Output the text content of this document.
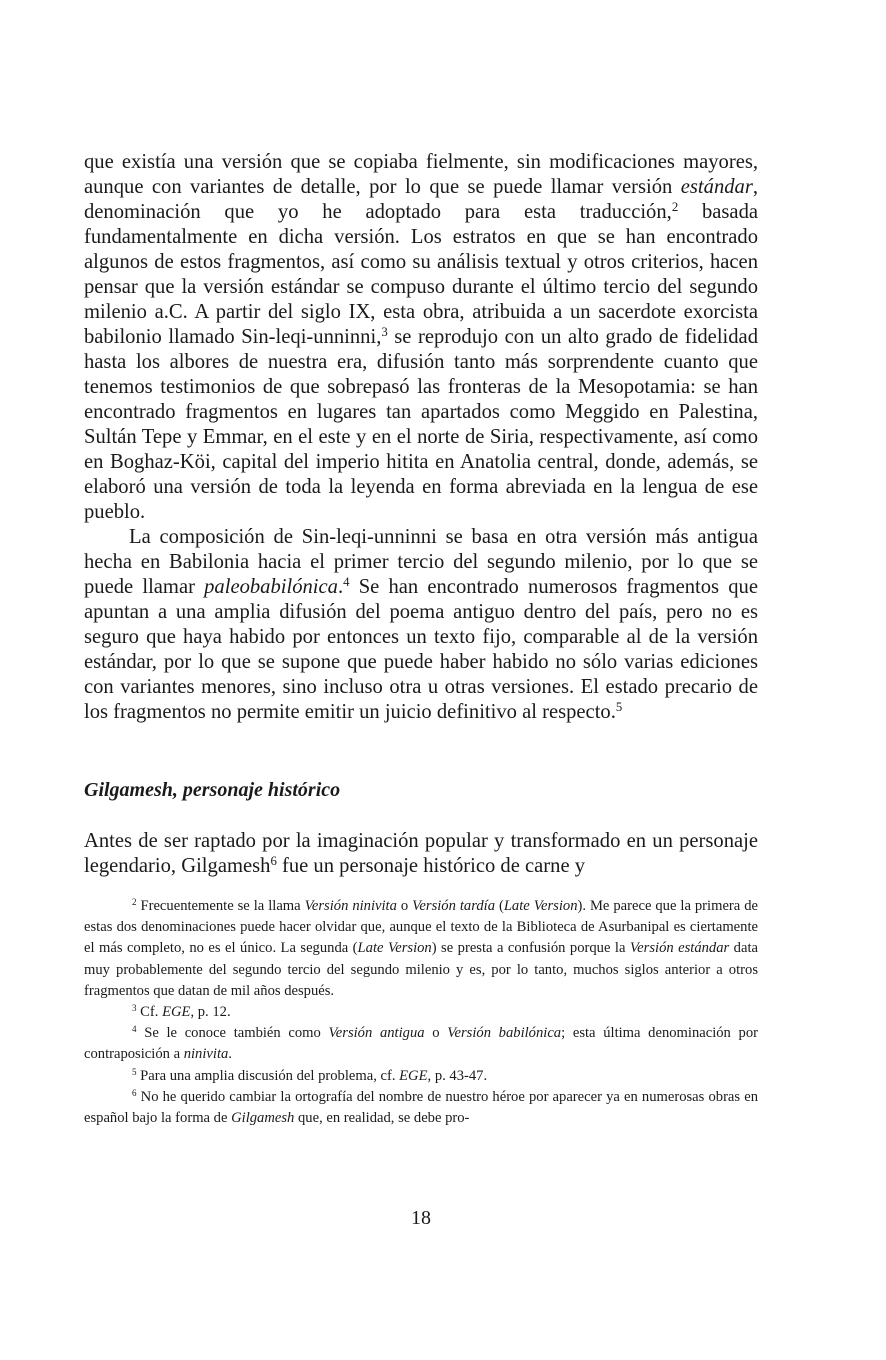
que existía una versión que se copiaba fielmente, sin modificaciones mayores, aunque con variantes de detalle, por lo que se puede llamar versión estándar, denominación que yo he adoptado para esta traducción,$^2$ basada fundamentalmente en dicha versión. Los estratos en que se han encontrado algunos de estos fragmentos, así como su análisis textual y otros criterios, hacen pensar que la versión estándar se compuso durante el último tercio del segundo milenio a.C. A partir del siglo IX, esta obra, atribuida a un sacerdote exorcista babilonio llamado Sin-leqi-unninni,$^3$ se reprodujo con un alto grado de fidelidad hasta los albores de nuestra era, difusión tanto más sorprendente cuanto que tenemos testimonios de que sobrepasó las fronteras de la Mesopotamia: se han encontrado fragmentos en lugares tan apartados como Meggido en Palestina, Sultán Tepe y Emmar, en el este y en el norte de Siria, respectivamente, así como en Boghaz-Köi, capital del imperio hitita en Anatolia central, donde, además, se elaboró una versión de toda la leyenda en forma abreviada en la lengua de ese pueblo.

La composición de Sin-leqi-unninni se basa en otra versión más antigua hecha en Babilonia hacia el primer tercio del segundo milenio, por lo que se puede llamar paleobabilónica.$^4$ Se han encontrado numerosos fragmentos que apuntan a una amplia difusión del poema antiguo dentro del país, pero no es seguro que haya habido por entonces un texto fijo, comparable al de la versión estándar, por lo que se supone que puede haber habido no sólo varias ediciones con variantes menores, sino incluso otra u otras versiones. El estado precario de los fragmentos no permite emitir un juicio definitivo al respecto.$^5$

Gilgamesh, personaje histórico

Antes de ser raptado por la imaginación popular y transformado en un personaje legendario, Gilgamesh$^6$ fue un personaje histórico de carne y

$^2$ Frecuentemente se la llama Versión ninivita o Versión tardía (Late Version). Me parece que la primera de estas dos denominaciones puede hacer olvidar que, aunque el texto de la Biblioteca de Asurbanipal es ciertamente el más completo, no es el único. La segunda (Late Version) se presta a confusión porque la Versión estándar data muy probablemente del segundo tercio del segundo milenio y es, por lo tanto, muchos siglos anterior a otros fragmentos que datan de mil años después.

$^3$ Cf. EGE, p. 12.

$^4$ Se le conoce también como Versión antigua o Versión babilónica; esta última denominación por contraposición a ninivita.

$^5$ Para una amplia discusión del problema, cf. EGE, p. 43-47.

$^6$ No he querido cambiar la ortografía del nombre de nuestro héroe por aparecer ya en numerosas obras en español bajo la forma de Gilgamesh que, en realidad, se debe pro-

18
